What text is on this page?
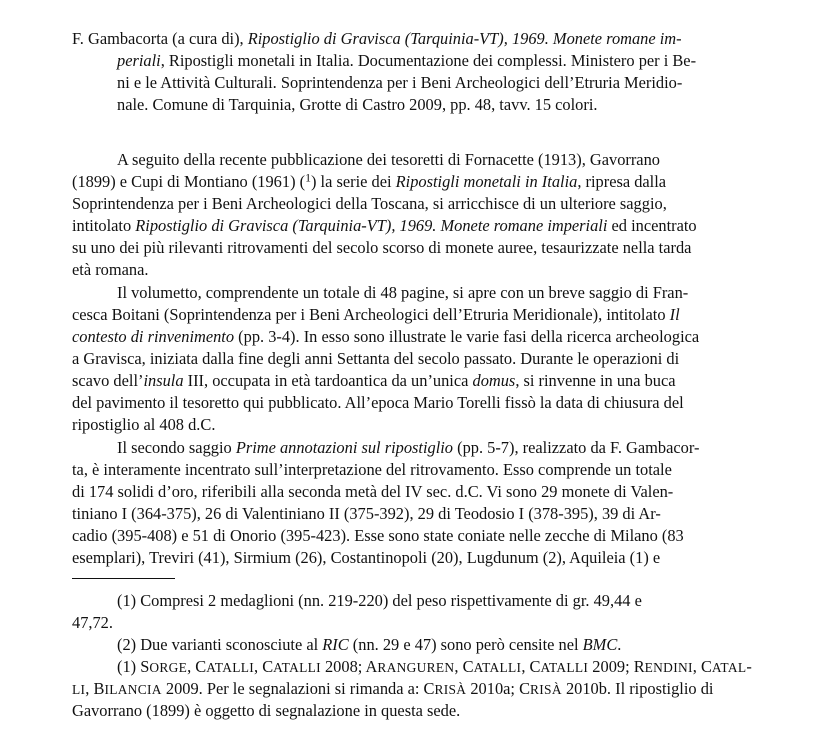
F. Gambacorta (a cura di), Ripostiglio di Gravisca (Tarquinia-VT), 1969. Monete romane im-
periali, Ripostigli monetali in Italia. Documentazione dei complessi. Ministero per i Be-
ni e le Attività Culturali. Soprintendenza per i Beni Archeologici dell’Etruria Meridio-
nale. Comune di Tarquinia, Grotte di Castro 2009, pp. 48, tavv. 15 colori.
A seguito della recente pubblicazione dei tesoretti di Fornacette (1913), Gavorrano
(1899) e Cupi di Montiano (1961) ($^1$) la serie dei Ripostigli monetali in Italia, ripresa dalla
Soprintendenza per i Beni Archeologici della Toscana, si arricchisce di un ulteriore saggio,
intitolato Ripostiglio di Gravisca (Tarquinia-VT), 1969. Monete romane imperiali ed incentrato
su uno dei più rilevanti ritrovamenti del secolo scorso di monete auree, tesaurizzate nella tarda
età romana.
Il volumetto, comprendente un totale di 48 pagine, si apre con un breve saggio di Fran-
cesca Boitani (Soprintendenza per i Beni Archeologici dell’Etruria Meridionale), intitolato Il
contesto di rinvenimento (pp. 3-4). In esso sono illustrate le varie fasi della ricerca archeologica
a Gravisca, iniziata dalla fine degli anni Settanta del secolo passato. Durante le operazioni di
scavo dell’insula III, occupata in età tardoantica da un’unica domus, si rinvenne in una buca
del pavimento il tesoretto qui pubblicato. All’epoca Mario Torelli fissò la data di chiusura del
ripostiglio al 408 d.C.
Il secondo saggio Prime annotazioni sul ripostiglio (pp. 5-7), realizzato da F. Gambacor-
ta, è interamente incentrato sull’interpretazione del ritrovamento. Esso comprende un totale
di 174 solidi d’oro, riferibili alla seconda metà del IV sec. d.C. Vi sono 29 monete di Valen-
tiniano I (364-375), 26 di Valentiniano II (375-392), 29 di Teodosio I (378-395), 39 di Ar-
cadio (395-408) e 51 di Onorio (395-423). Esse sono state coniate nelle zecche di Milano (83
esemplari), Treviri (41), Sirmium (26), Costantinopoli (20), Lugdunum (2), Aquileia (1) e
(1) Compresi 2 medaglioni (nn. 219-220) del peso rispettivamente di gr. 49,44 e
47,72.
(2) Due varianti sconosciute al RIC (nn. 29 e 47) sono però censite nel BMC.
(1) SORGE, CATALLI, CATALLI 2008; ARANGUREN, CATALLI, CATALLI 2009; RENDINI, CATAL-
LI, BILANCIA 2009. Per le segnalazioni si rimanda a: CRISÀ 2010a; CRISÀ 2010b. Il ripostiglio di
Gavorrano (1899) è oggetto di segnalazione in questa sede.
